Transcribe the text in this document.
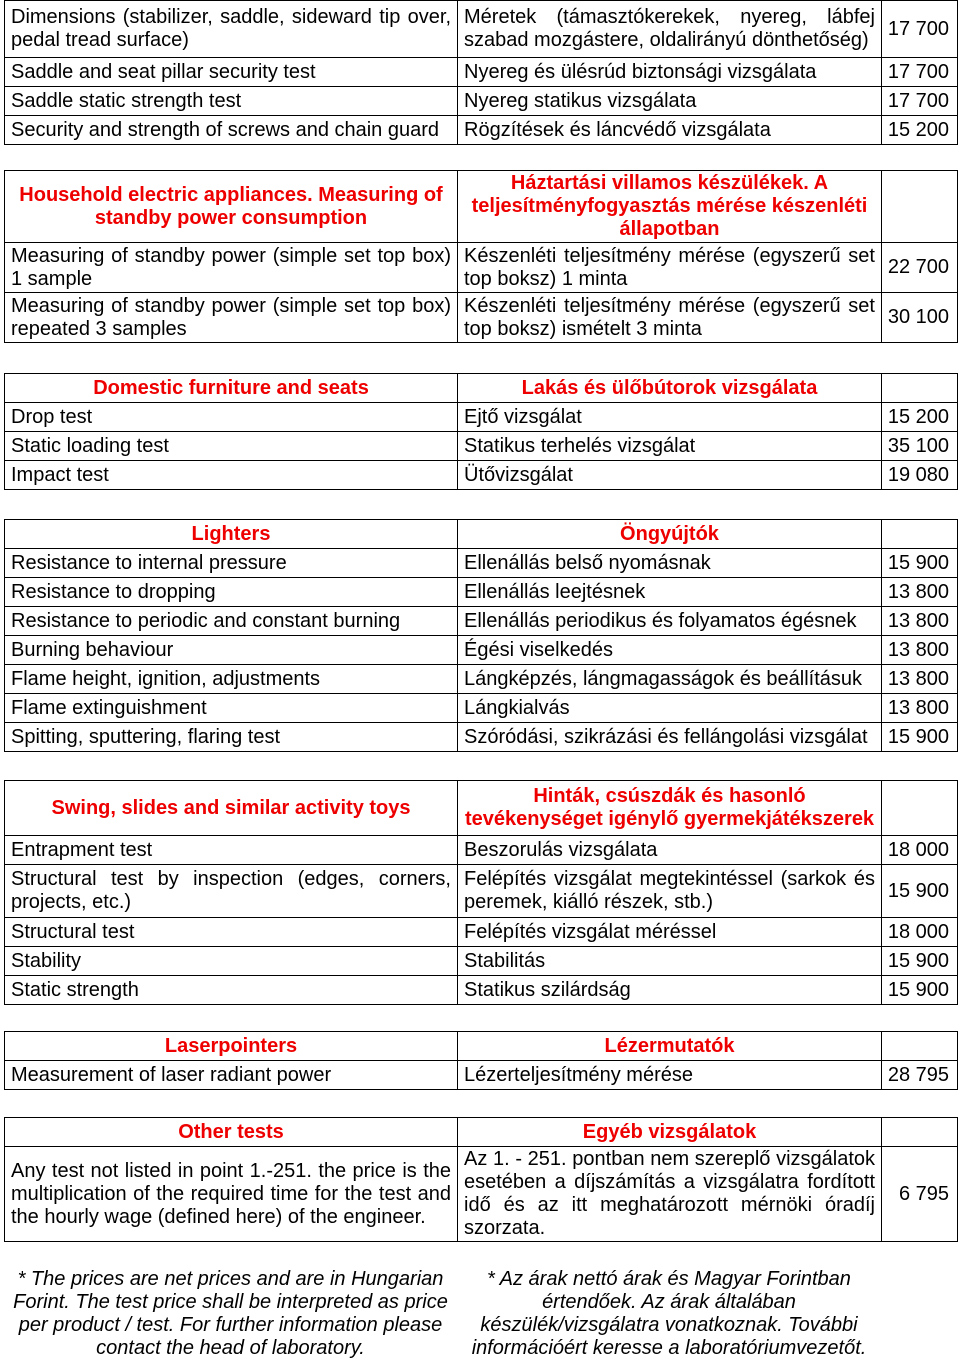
Dimensions (stabilizer, saddle, sideward tip over, pedal tread surface)	Méretek (támasztókerekek, nyereg, lábfej szabad mozgástere, oldalirányú dönthetőség)	17 700
Saddle and seat pillar security test	Nyereg és ülésrúd biztonsági vizsgálata	17 700
Saddle static strength test	Nyereg statikus vizsgálata	17 700
Security and strength of screws and chain guard	Rögzítések és láncvédő vizsgálata	15 200
Household electric appliances. Measuring of standby power consumption	Háztartási villamos készülékek. A teljesítményfogyasztás mérése készenléti állapotban	
Measuring of standby power (simple set top box) 1 sample	Készenléti teljesítmény mérése (egyszerű set top boksz) 1 minta	22 700
Measuring of standby power (simple set top box) repeated 3 samples	Készenléti teljesítmény mérése (egyszerű set top boksz) ismételt 3 minta	30 100
Domestic furniture and seats	Lakás és ülőbútorok vizsgálata	
Drop test	Ejtő vizsgálat	15 200
Static loading test	Statikus terhelés vizsgálat	35 100
Impact test	Ütővizsgálat	19 080
Lighters	Öngyújtók	
Resistance to internal pressure	Ellenállás belső nyomásnak	15 900
Resistance to dropping	Ellenállás leejtésnek	13 800
Resistance to periodic and constant burning	Ellenállás periodikus és folyamatos égésnek	13 800
Burning behaviour	Égési viselkedés	13 800
Flame height, ignition, adjustments	Lángképzés, lángmagasságok és beállításuk	13 800
Flame extinguishment	Lángkialvás	13 800
Spitting, sputtering, flaring test	Szóródási, szikrázási és fellángolási vizsgálat	15 900
Swing, slides and similar activity toys	Hinták, csúszdák és hasonló tevékenységet igénylő gyermekjátékszerek	
Entrapment test	Beszorulás vizsgálata	18 000
Structural test by inspection (edges, corners, projects, etc.)	Felépítés vizsgálat megtekintéssel (sarkok és peremek, kiálló részek, stb.)	15 900
Structural test	Felépítés vizsgálat méréssel	18 000
Stability	Stabilitás	15 900
Static strength	Statikus szilárdság	15 900
Laserpointers	Lézermutatók	
Measurement of laser radiant power	Lézerteljesítmény mérése	28 795
Other tests	Egyéb vizsgálatok	
Any test not listed in point 1.-251. the price is the multiplication of the required time for the test and the hourly wage (defined here) of the engineer.	Az 1. - 251. pontban nem szereplő vizsgálatok esetében a díjszámítás a vizsgálatra fordított idő és az itt meghatározott mérnöki óradíj szorzata.	6 795
* The prices are net prices and are in Hungarian Forint. The test price shall be interpreted as price per product / test. For further information please contact the head of laboratory.
* Az árak nettó árak és Magyar Forintban értendőek. Az árak általában készülék/vizsgálatra vonatkoznak. További információért keresse a laboratóriumvezetőt.
